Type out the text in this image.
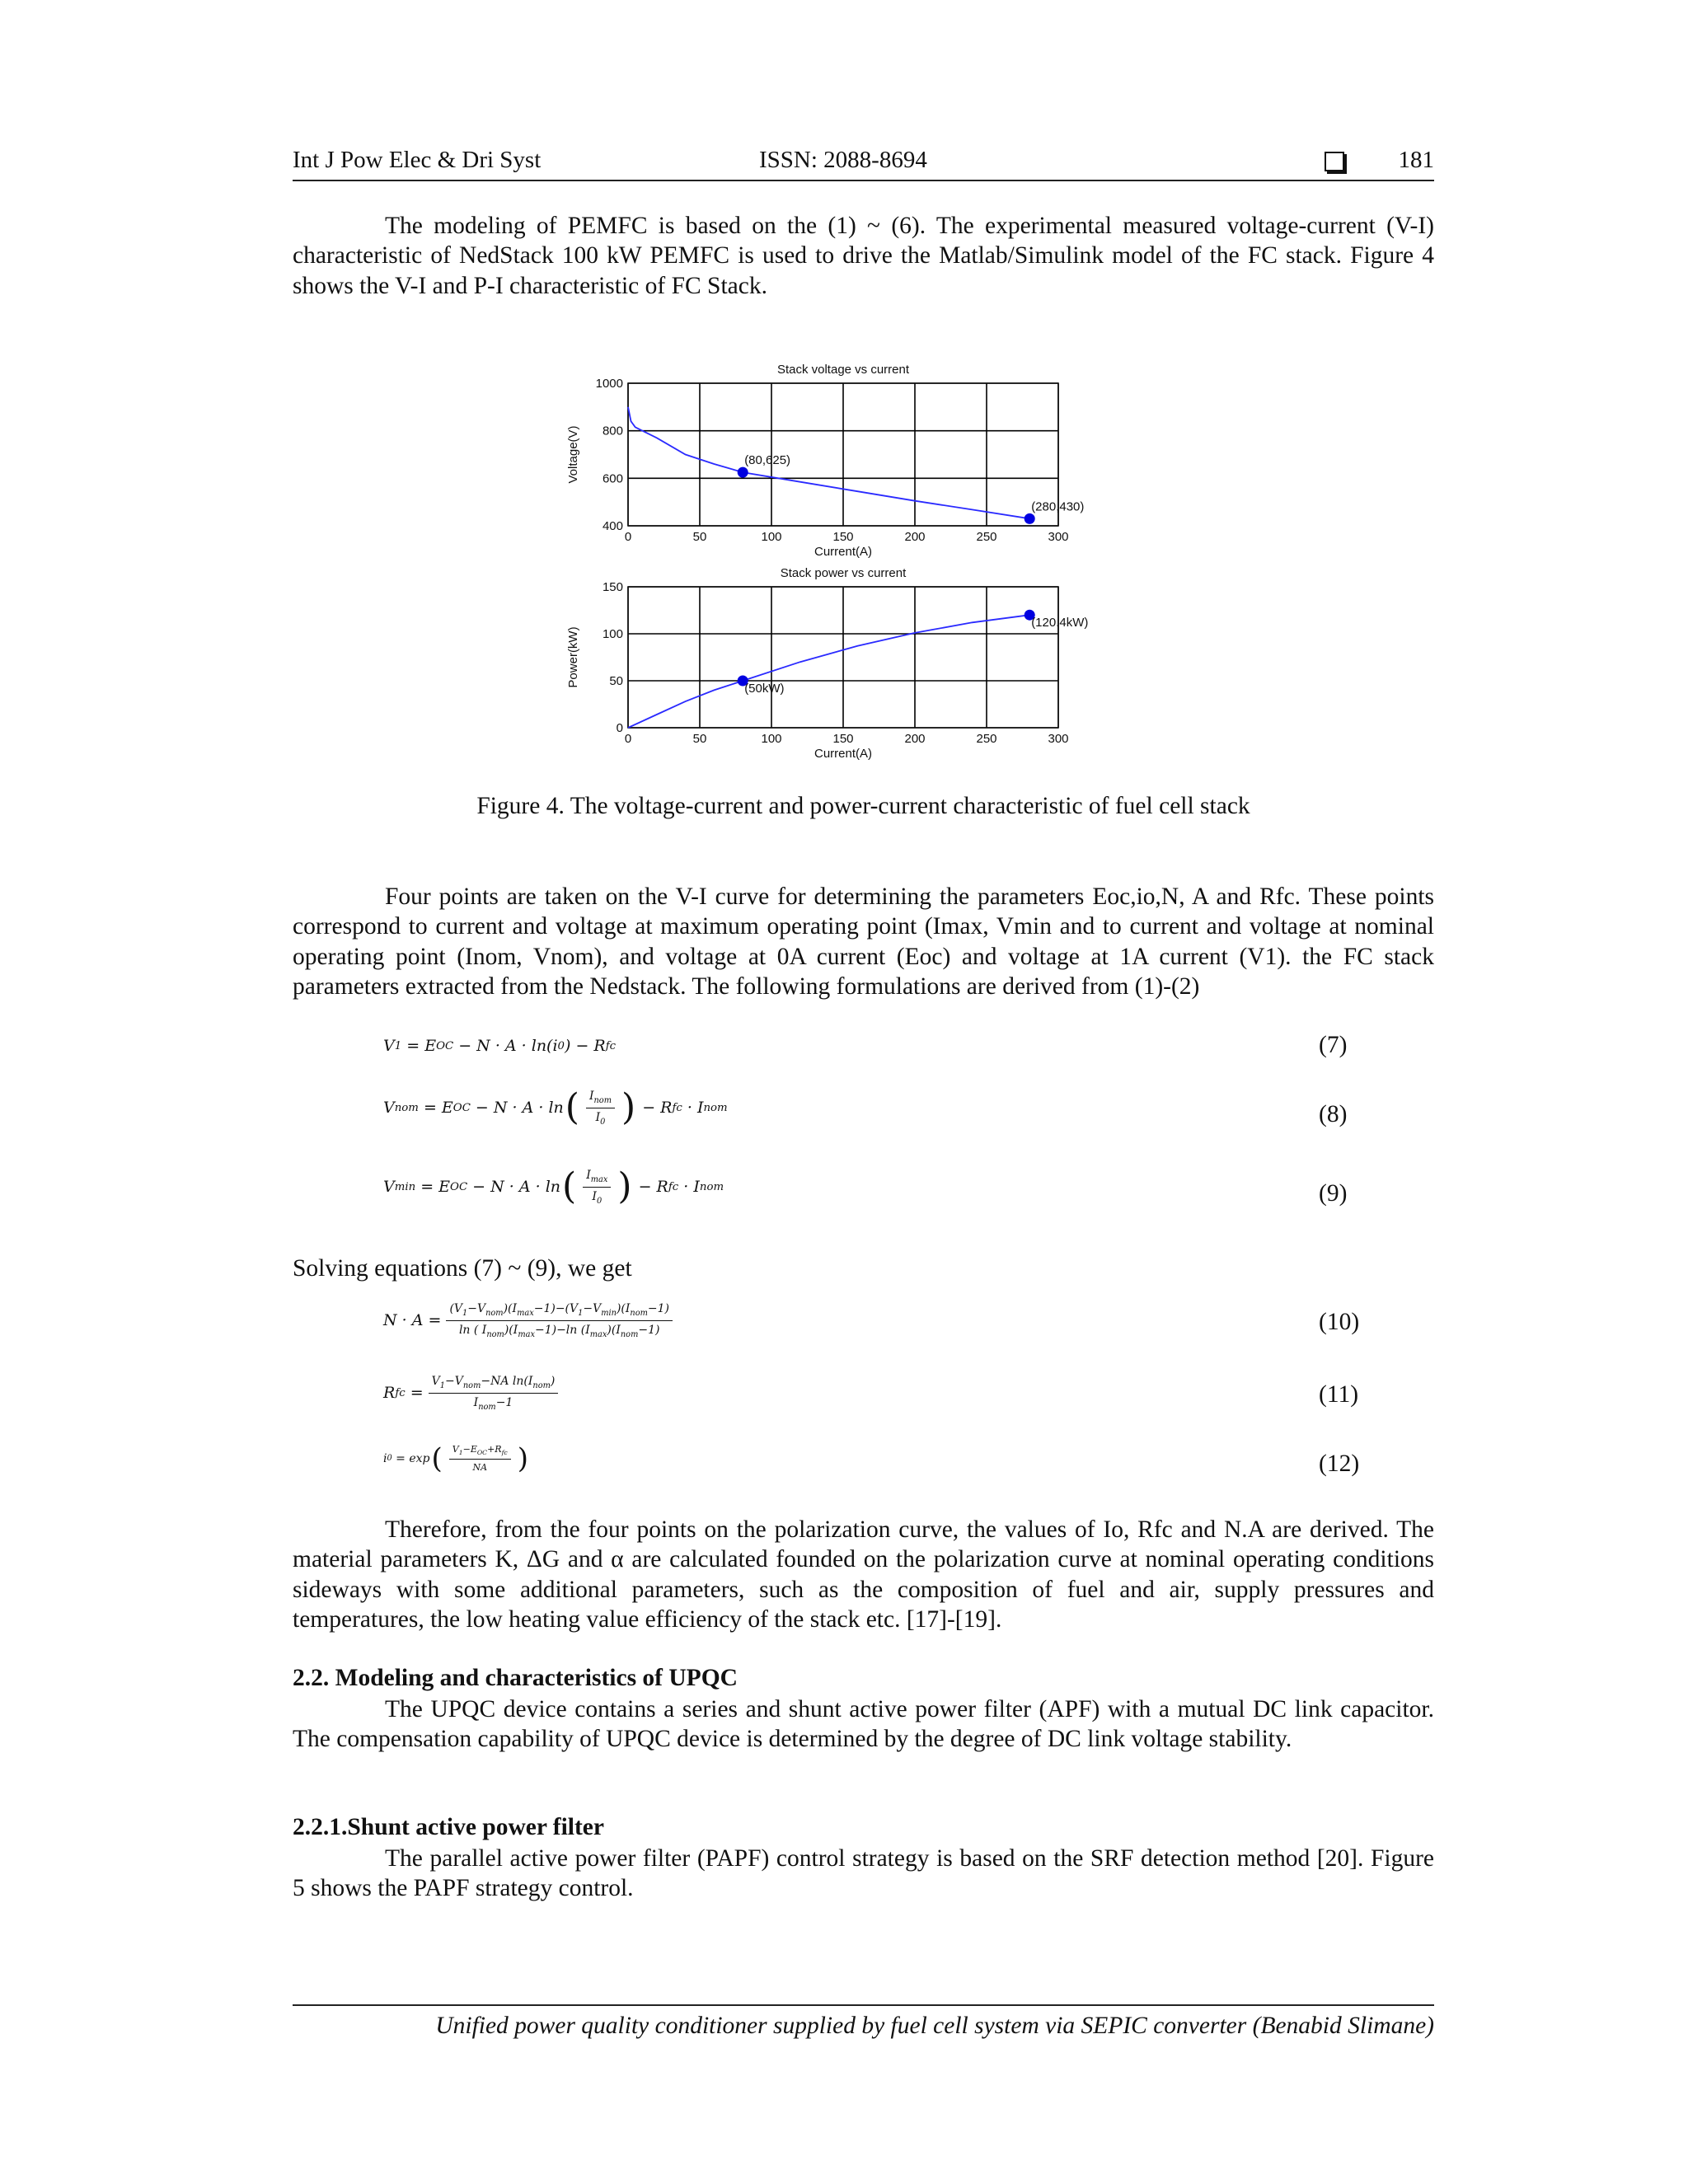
Int J Pow Elec & Dri Syst	ISSN: 2088-8694	181

The modeling of PEMFC is based on the (1) ~ (6). The experimental measured voltage-current (V-I) characteristic of NedStack 100 kW PEMFC is used to drive the Matlab/Simulink model of the FC stack. Figure 4 shows the V-I and P-I characteristic of FC Stack.

Stack voltage vs current
0	50	100	150	200	250	300
400
600
800
1000
Current(A)
Voltage(V)	(80,625)
(280,430)
Stack power vs current
0	50	100	150	200	250	300
0
50
100
150
Current(A)
Power(kW)
(50kW)
(120.4kW)
Figure 4. The voltage-current and power-current characteristic of fuel cell stack

Four points are taken on the V-I curve for determining the parameters Eoc,io,N, A and Rfc. These points correspond to current and voltage at maximum operating point (Imax, Vmin and to current and voltage at nominal operating point (Inom, Vnom), and voltage at 0A current (Eoc) and voltage at 1A current (V1). the FC stack parameters extracted from the Nedstack. The following formulations are derived from (1)-(2)

V 1 = E OC − N · A · ln(i 0 ) − R fc	(7)
V nom = E OC − N · A · ln ( $\frac{I_{nom}}{I_0}$ ) − R fc · I nom	(8)
V min = E OC − N · A · ln ( $\frac{I_{max}}{I_0}$ ) − R fc · I nom	(9)

Solving equations (7) ~ (9), we get

$N \cdot A = \frac{(V_1-V_{nom})(I_{max}-1)-(V_1-V_{min})(I_{nom}-1)}{\ln ( I_{nom})(I_{max}-1)-\ln (I_{max})(I_{nom}-1)}$	(10)
R fc = $\frac{V_1-V_{nom}-NA \ln(I_{nom})}{I_{nom}-1}$	(11)
i 0 = exp ( $\frac{V_1-E_{OC}+R_{fc}}{NA}$ )	(12)

Therefore, from the four points on the polarization curve, the values of Io, Rfc and N.A are derived. The material parameters K, ΔG and α are calculated founded on the polarization curve at nominal operating conditions sideways with some additional parameters, such as the composition of fuel and air, supply pressures and temperatures, the low heating value efficiency of the stack etc. [17]-[19].

2.2. Modeling and characteristics of UPQC

The UPQC device contains a series and shunt active power filter (APF) with a mutual DC link capacitor. The compensation capability of UPQC device is determined by the degree of DC link voltage stability.

2.2.1.Shunt active power filter

The parallel active power filter (PAPF) control strategy is based on the SRF detection method [20]. Figure 5 shows the PAPF strategy control.

Unified power quality conditioner supplied by fuel cell system via SEPIC converter (Benabid Slimane)
